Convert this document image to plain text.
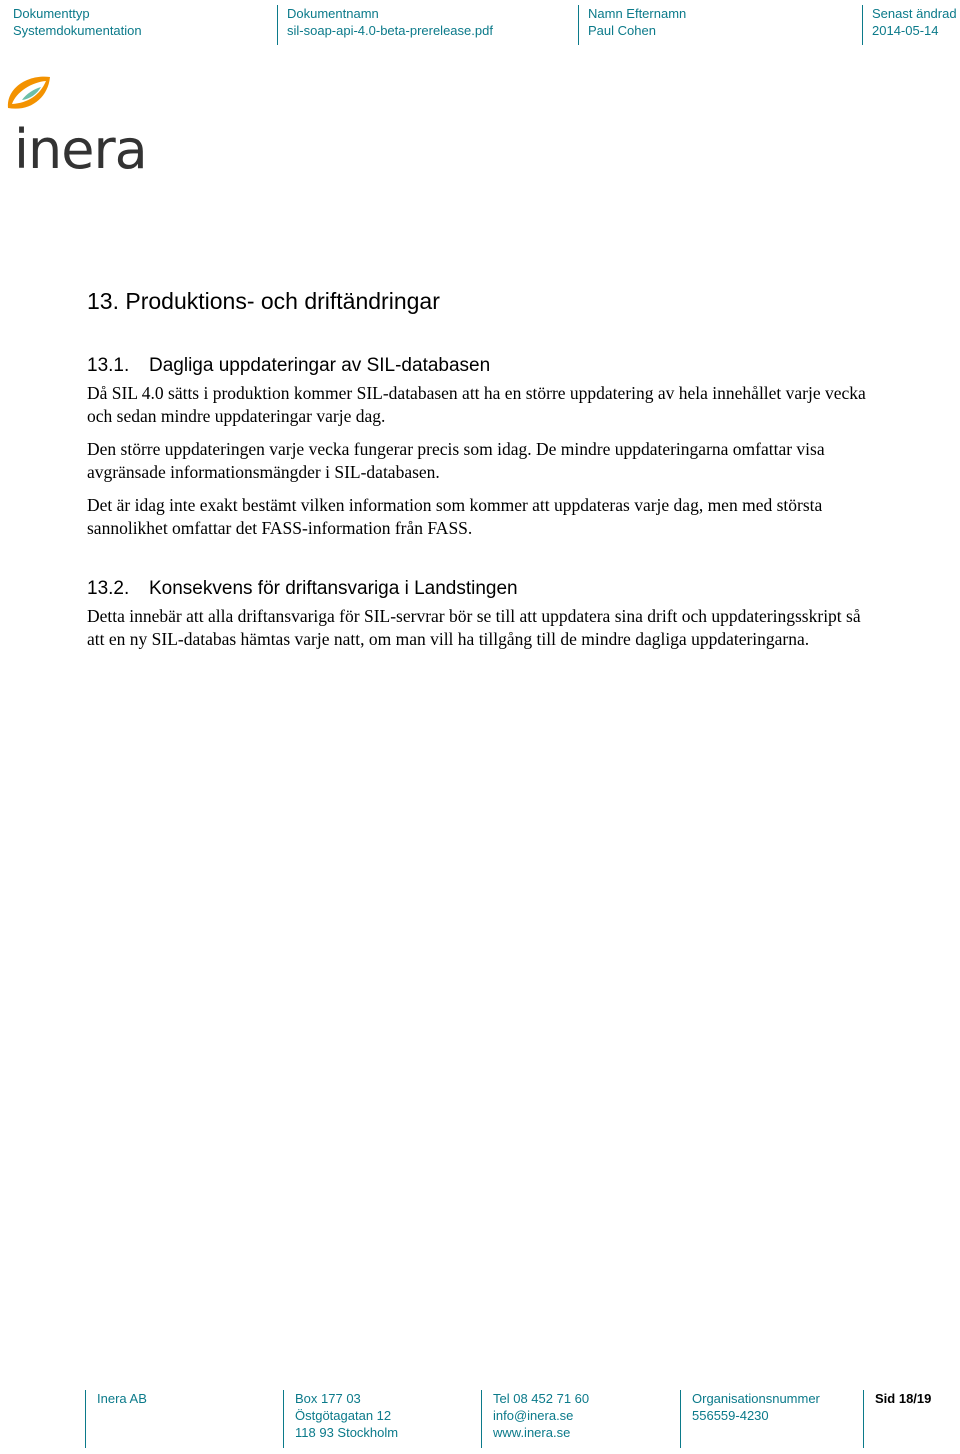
Dokumenttyp
Systemdokumentation
Dokumentnamn
sil-soap-api-4.0-beta-prerelease.pdf
Namn Efternamn
Paul Cohen
Senast ändrad
2014-05-14
inera
13. Produktions- och driftändringar
13.1. Dagliga uppdateringar av SIL-databasen

Då SIL 4.0 sätts i produktion kommer SIL-databasen att ha en större uppdatering av hela innehållet varje vecka och sedan mindre uppdateringar varje dag.

Den större uppdateringen varje vecka fungerar precis som idag. De mindre uppdateringarna omfattar visa avgränsade informationsmängder i SIL-databasen.

Det är idag inte exakt bestämt vilken information som kommer att uppdateras varje dag, men med största sannolikhet omfattar det FASS-information från FASS.

13.2. Konsekvens för driftansvariga i Landstingen

Detta innebär att alla driftansvariga för SIL-servrar bör se till att uppdatera sina drift och uppdateringsskript så att en ny SIL-databas hämtas varje natt, om man vill ha tillgång till de mindre dagliga uppdateringarna.

Inera AB	Box 177 03
Östgötagatan 12
118 93 Stockholm
Tel 08 452 71 60
info@inera.se
www.inera.se
Organisationsnummer
556559-4230
Sid 18/19
